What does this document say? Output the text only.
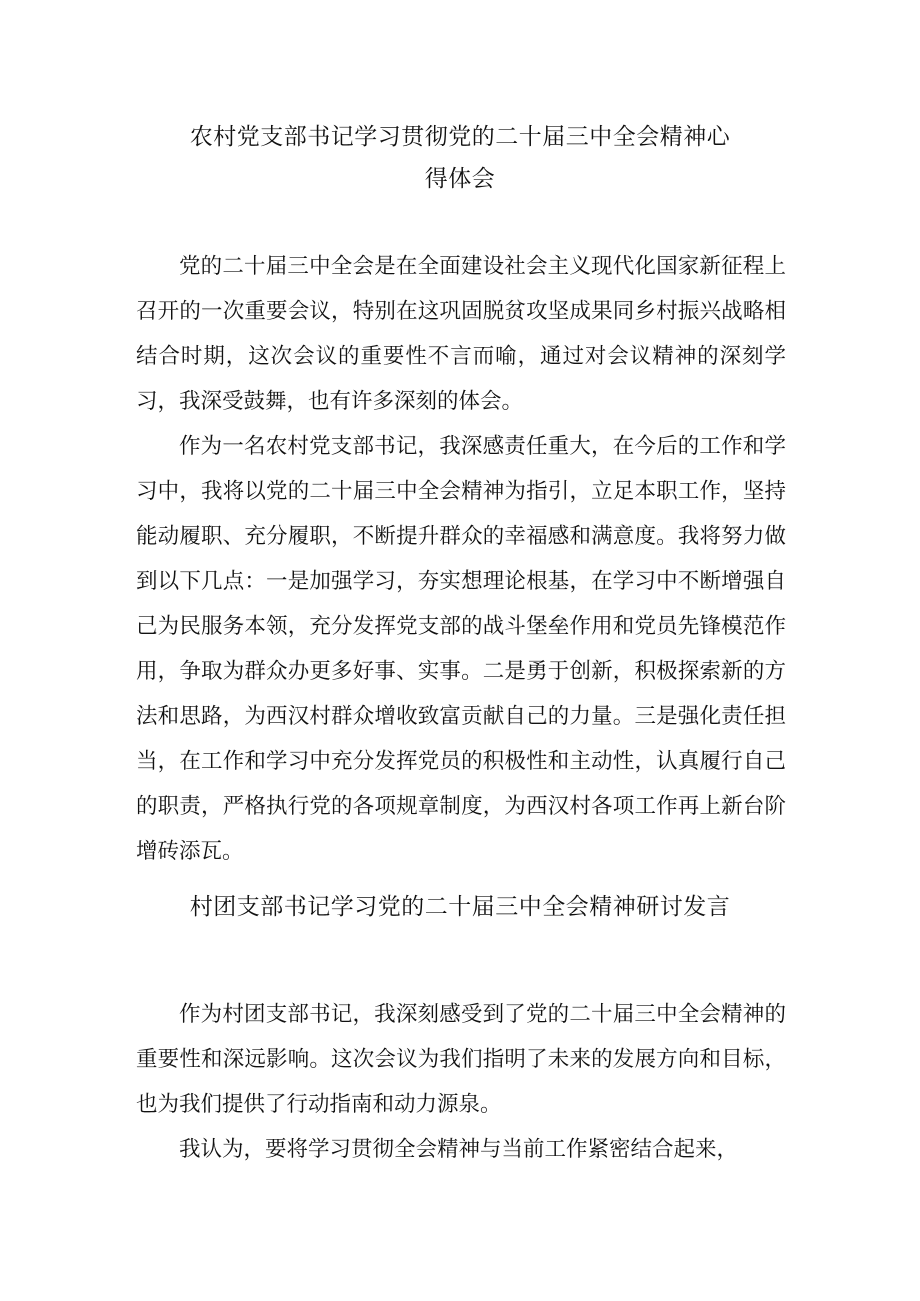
农村党支部书记学习贯彻党的二十届三中全会精神心
得体会

党的二十届三中全会是在全面建设社会主义现代化国家新征程上召开的一次重要会议，特别在这巩固脱贫攻坚成果同乡村振兴战略相结合时期，这次会议的重要性不言而喻，通过对会议精神的深刻学习，我深受鼓舞，也有许多深刻的体会。

作为一名农村党支部书记，我深感责任重大，在今后的工作和学习中，我将以党的二十届三中全会精神为指引，立足本职工作，坚持能动履职、充分履职，不断提升群众的幸福感和满意度。我将努力做到以下几点：一是加强学习，夯实想理论根基，在学习中不断增强自己为民服务本领，充分发挥党支部的战斗堡垒作用和党员先锋模范作用，争取为群众办更多好事、实事。二是勇于创新，积极探索新的方法和思路，为西汉村群众增收致富贡献自己的力量。三是强化责任担当，在工作和学习中充分发挥党员的积极性和主动性，认真履行自己的职责，严格执行党的各项规章制度，为西汉村各项工作再上新台阶增砖添瓦。

村团支部书记学习党的二十届三中全会精神研讨发言

作为村团支部书记，我深刻感受到了党的二十届三中全会精神的重要性和深远影响。这次会议为我们指明了未来的发展方向和目标，也为我们提供了行动指南和动力源泉。

我认为，要将学习贯彻全会精神与当前工作紧密结合起来，
